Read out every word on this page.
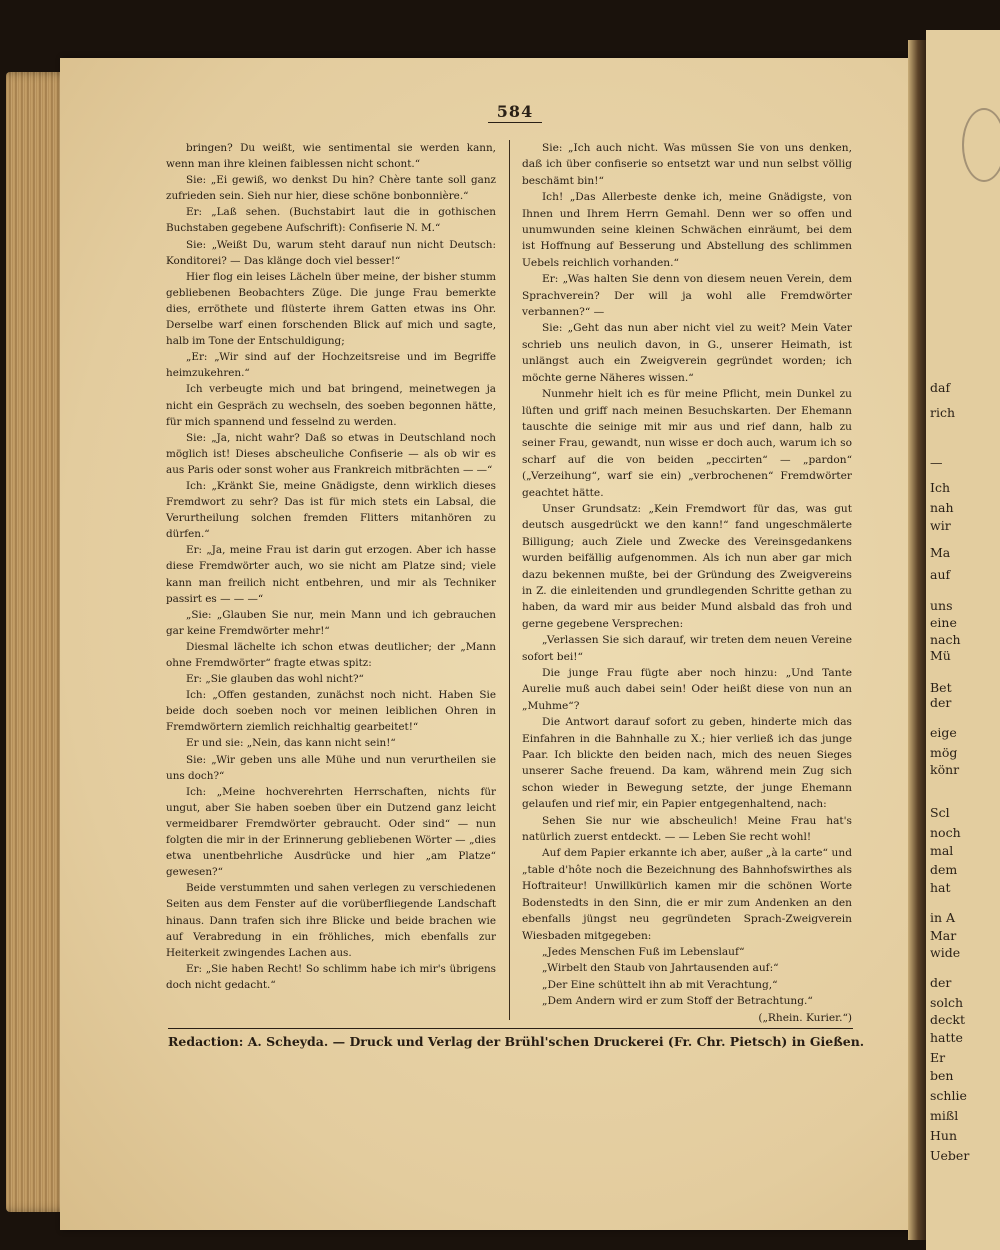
daf
rich
—
Ich
nah
wir
Ma
auf
uns
eine
nach
Mü
Bet
der
eige
mög
könr
Scl
noch
mal
dem
hat
in A
Mar
wide
der
solch
deckt
hatte
Er
ben
schlie
mißl
Hun
Ueber
584

bringen? Du weißt, wie sentimental sie werden kann, wenn man ihre kleinen faiblessen nicht schont.“

Sie: „Ei gewiß, wo denkst Du hin? Chère tante soll ganz zufrieden sein. Sieh nur hier, diese schöne bonbonnière.“

Er: „Laß sehen. (Buchstabirt laut die in gothischen Buchstaben gegebene Aufschrift): Confiserie N. M.“

Sie: „Weißt Du, warum steht darauf nun nicht Deutsch: Konditorei? — Das klänge doch viel besser!“

Hier flog ein leises Lächeln über meine, der bisher stumm gebliebenen Beobachters Züge. Die junge Frau bemerkte dies, erröthete und flüsterte ihrem Gatten etwas ins Ohr. Derselbe warf einen forschenden Blick auf mich und sagte, halb im Tone der Entschuldigung;

„Er: „Wir sind auf der Hochzeitsreise und im Begriffe heimzukehren.“

Ich verbeugte mich und bat bringend, meinetwegen ja nicht ein Gespräch zu wechseln, des soeben begonnen hätte, für mich spannend und fesselnd zu werden.

Sie: „Ja, nicht wahr? Daß so etwas in Deutschland noch möglich ist! Dieses abscheuliche Confiserie — als ob wir es aus Paris oder sonst woher aus Frankreich mitbrächten — —“

Ich: „Kränkt Sie, meine Gnädigste, denn wirklich dieses Fremdwort zu sehr? Das ist für mich stets ein Labsal, die Verurtheilung solchen fremden Flitters mitanhören zu dürfen.“

Er: „Ja, meine Frau ist darin gut erzogen. Aber ich hasse diese Fremdwörter auch, wo sie nicht am Platze sind; viele kann man freilich nicht entbehren, und mir als Techniker passirt es — — —“

„Sie: „Glauben Sie nur, mein Mann und ich gebrauchen gar keine Fremdwörter mehr!“

Diesmal lächelte ich schon etwas deutlicher; der „Mann ohne Fremdwörter“ fragte etwas spitz:

Er: „Sie glauben das wohl nicht?“

Ich: „Offen gestanden, zunächst noch nicht. Haben Sie beide doch soeben noch vor meinen leiblichen Ohren in Fremdwörtern ziemlich reichhaltig gearbeitet!“

Er und sie: „Nein, das kann nicht sein!“

Sie: „Wir geben uns alle Mühe und nun verurtheilen sie uns doch?“

Ich: „Meine hochverehrten Herrschaften, nichts für ungut, aber Sie haben soeben über ein Dutzend ganz leicht vermeidbarer Fremdwörter gebraucht. Oder sind“ — nun folgten die mir in der Erinnerung gebliebenen Wörter — „dies etwa unentbehrliche Ausdrücke und hier „am Platze“ gewesen?“

Beide verstummten und sahen verlegen zu verschiedenen Seiten aus dem Fenster auf die vorüberfliegende Landschaft hinaus. Dann trafen sich ihre Blicke und beide brachen wie auf Verabredung in ein fröhliches, mich ebenfalls zur Heiterkeit zwingendes Lachen aus.

Er: „Sie haben Recht! So schlimm habe ich mir's übrigens doch nicht gedacht.“

Sie: „Ich auch nicht. Was müssen Sie von uns denken, daß ich über confiserie so entsetzt war und nun selbst völlig beschämt bin!“

Ich! „Das Allerbeste denke ich, meine Gnädigste, von Ihnen und Ihrem Herrn Gemahl. Denn wer so offen und unumwunden seine kleinen Schwächen einräumt, bei dem ist Hoffnung auf Besserung und Abstellung des schlimmen Uebels reichlich vorhanden.“

Er: „Was halten Sie denn von diesem neuen Verein, dem Sprachverein? Der will ja wohl alle Fremdwörter verbannen?“ —

Sie: „Geht das nun aber nicht viel zu weit? Mein Vater schrieb uns neulich davon, in G., unserer Heimath, ist unlängst auch ein Zweigverein gegründet worden; ich möchte gerne Näheres wissen.“

Nunmehr hielt ich es für meine Pflicht, mein Dunkel zu lüften und griff nach meinen Besuchskarten. Der Ehemann tauschte die seinige mit mir aus und rief dann, halb zu seiner Frau, gewandt, nun wisse er doch auch, warum ich so scharf auf die von beiden „peccirten“ — „pardon“ („Verzeihung“, warf sie ein) „verbrochenen“ Fremdwörter geachtet hätte.

Unser Grundsatz: „Kein Fremdwort für das, was gut deutsch ausgedrückt we den kann!“ fand ungeschmälerte Billigung; auch Ziele und Zwecke des Vereinsgedankens wurden beifällig aufgenommen. Als ich nun aber gar mich dazu bekennen mußte, bei der Gründung des Zweigvereins in Z. die einleitenden und grundlegenden Schritte gethan zu haben, da ward mir aus beider Mund alsbald das froh und gerne gegebene Versprechen:

„Verlassen Sie sich darauf, wir treten dem neuen Vereine sofort bei!“

Die junge Frau fügte aber noch hinzu: „Und Tante Aurelie muß auch dabei sein! Oder heißt diese von nun an „Muhme“?

Die Antwort darauf sofort zu geben, hinderte mich das Einfahren in die Bahnhalle zu X.; hier verließ ich das junge Paar. Ich blickte den beiden nach, mich des neuen Sieges unserer Sache freuend. Da kam, während mein Zug sich schon wieder in Bewegung setzte, der junge Ehemann gelaufen und rief mir, ein Papier entgegenhaltend, nach:

Sehen Sie nur wie abscheulich! Meine Frau hat's natürlich zuerst entdeckt. — — Leben Sie recht wohl!

Auf dem Papier erkannte ich aber, außer „à la carte“ und „table d'hôte noch die Bezeichnung des Bahnhofswirthes als Hoftraiteur! Unwillkürlich kamen mir die schönen Worte Bodenstedts in den Sinn, die er mir zum Andenken an den ebenfalls jüngst neu gegründeten Sprach-Zweigverein Wiesbaden mitgegeben:

„Jedes Menschen Fuß im Lebenslauf“

„Wirbelt den Staub von Jahrtausenden auf:“

„Der Eine schüttelt ihn ab mit Verachtung,“

„Dem Andern wird er zum Stoff der Betrachtung.“

(„Rhein. Kurier.“)

Redaction: A. Scheyda. — Druck und Verlag der Brühl'schen Druckerei (Fr. Chr. Pietsch) in Gießen.
